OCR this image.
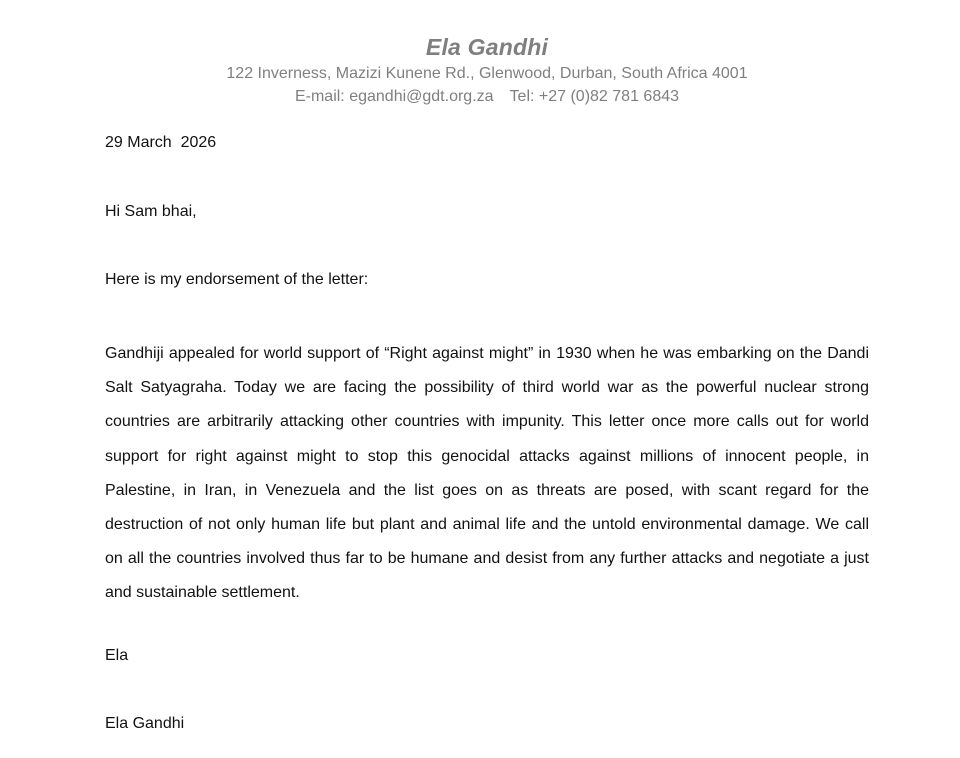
Ela Gandhi
122 Inverness, Mazizi Kunene Rd., Glenwood, Durban, South Africa 4001
E-mail: egandhi@gdt.org.za Tel: +27 (0)82 781 6843
29 March  2026
Hi Sam bhai,
Here is my endorsement of the letter:
Gandhiji appealed for world support of “Right against might” in 1930 when he was embarking on the Dandi Salt Satyagraha. Today we are facing the possibility of third world war as the powerful nuclear strong countries are arbitrarily attacking other countries with impunity. This letter once more calls out for world support for right against might to stop this genocidal attacks against millions of innocent people, in Palestine, in Iran, in Venezuela and the list goes on as threats are posed, with scant regard for the destruction of not only human life but plant and animal life and the untold environmental damage. We call on all the countries involved thus far to be humane and desist from any further attacks and negotiate a just and sustainable settlement.
Ela
Ela Gandhi
